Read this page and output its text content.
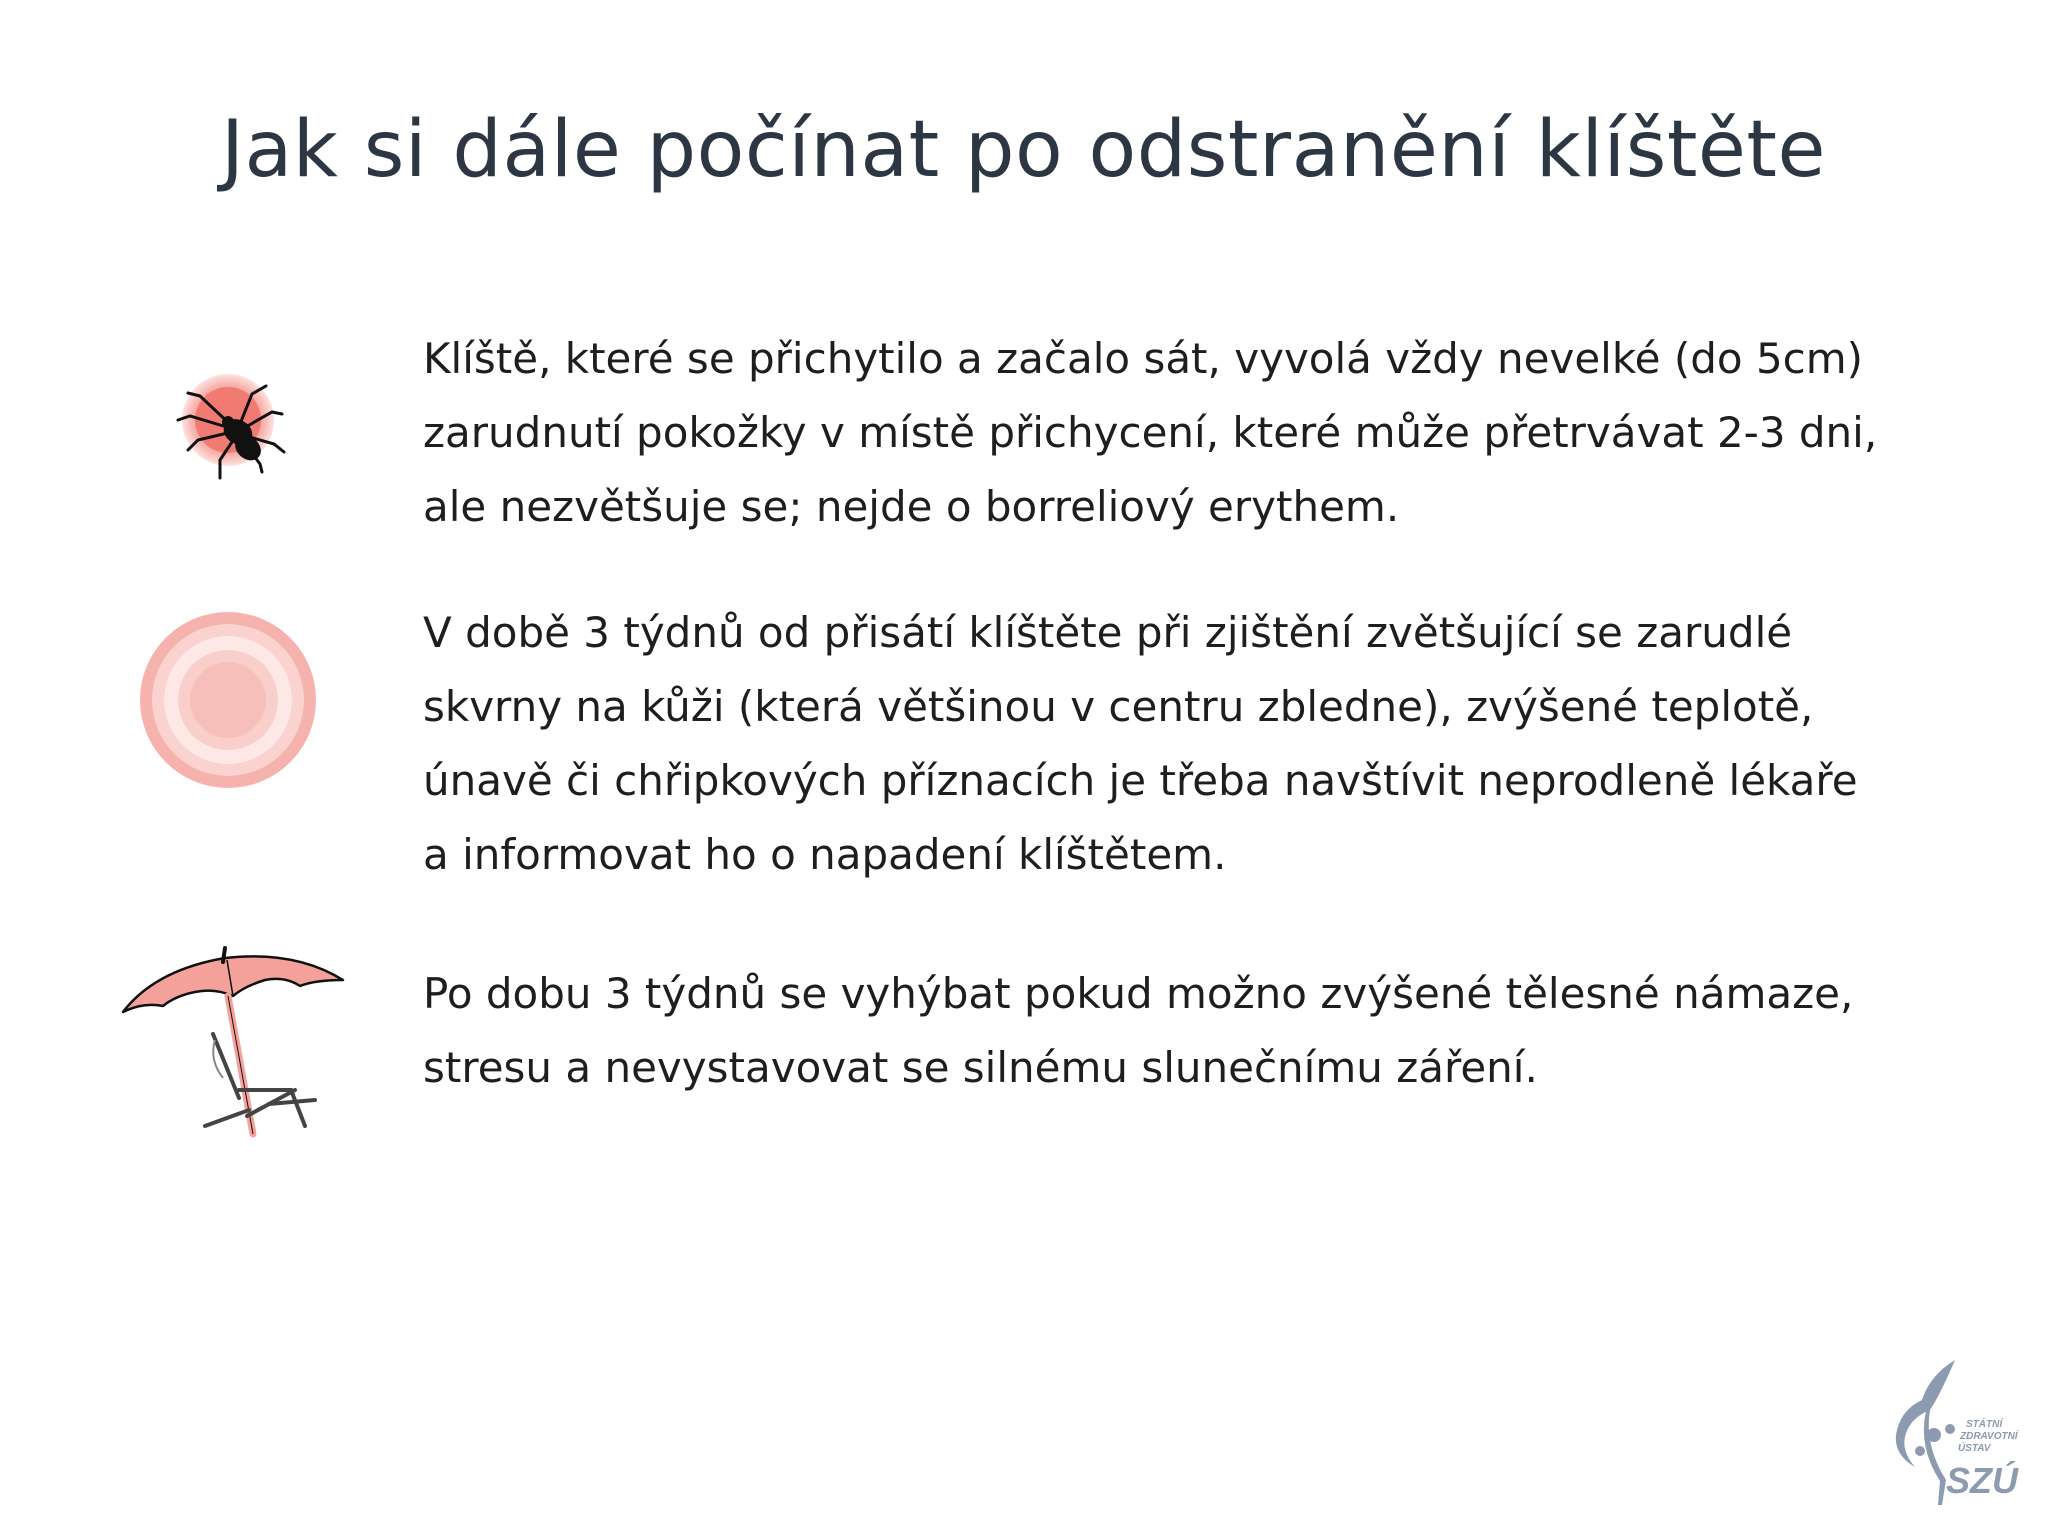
Jak si dále počínat po odstranění klíštěte
Klíště, které se přichytilo a začalo sát, vyvolá vždy nevelké (do 5cm)
zarudnutí pokožky v místě přichycení, které může přetrvávat 2-3 dni,
ale nezvětšuje se; nejde o borreliový erythem.
V době 3 týdnů od přisátí klíštěte při zjištění zvětšující se zarudlé
skvrny na kůži (která většinou v centru zbledne), zvýšené teplotě,
únavě či chřipkových příznacích je třeba navštívit neprodleně lékaře
a informovat ho o napadení klíštětem.
Po dobu 3 týdnů se vyhýbat pokud možno zvýšené tělesné námaze,
stresu a nevystavovat se silnému slunečnímu záření.
STÁTNÍ
ZDRAVOTNÍ
ÚSTAV
SZÚ
